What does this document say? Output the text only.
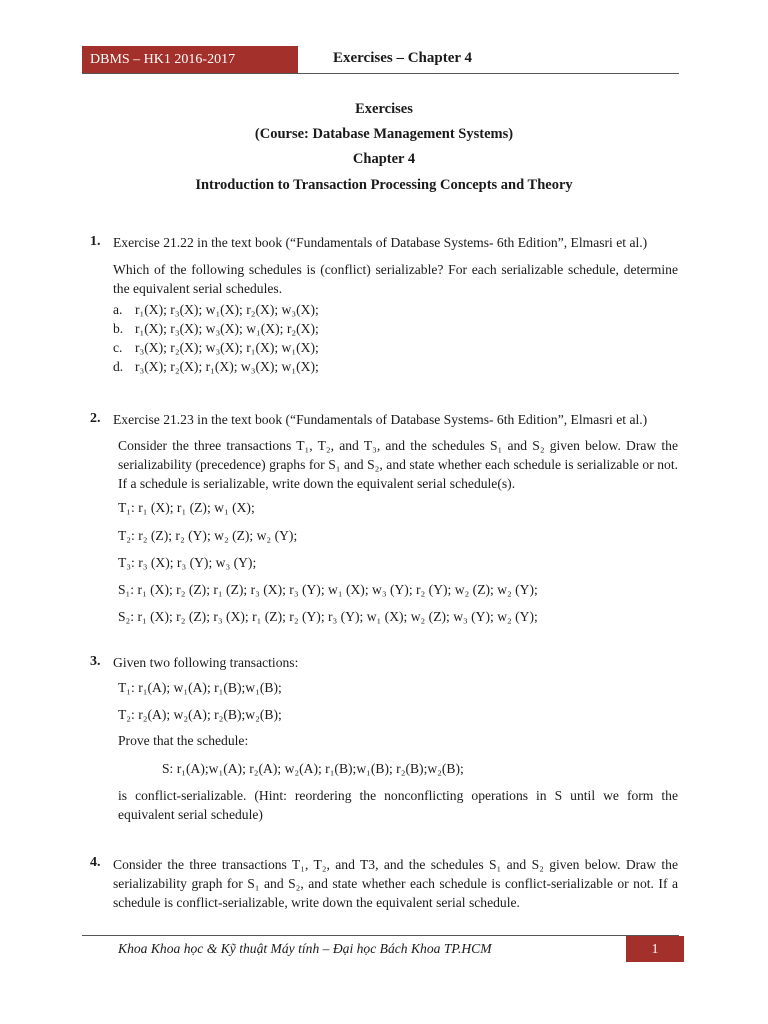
DBMS – HK1 2016-2017	Exercises – Chapter 4
Exercises
(Course: Database Management Systems)
Chapter 4
Introduction to Transaction Processing Concepts and Theory
1. Exercise 21.22 in the text book (“Fundamentals of Database Systems- 6th Edition”, Elmasri et al.)
Which of the following schedules is (conflict) serializable? For each serializable schedule, determine the equivalent serial schedules.
a. r₁(X); r₃(X); w₁(X); r₂(X); w₃(X);
b. r₁(X); r₃(X); w₃(X); w₁(X); r₂(X);
c. r₃(X); r₂(X); w₃(X); r₁(X); w₁(X);
d. r₃(X); r₂(X); r₁(X); w₃(X); w₁(X);
2. Exercise 21.23 in the text book (“Fundamentals of Database Systems- 6th Edition”, Elmasri et al.)
Consider the three transactions T₁, T₂, and T₃, and the schedules S₁ and S₂ given below. Draw the serializability (precedence) graphs for S₁ and S₂, and state whether each schedule is serializable or not. If a schedule is serializable, write down the equivalent serial schedule(s).
T₁: r₁ (X); r₁ (Z); w₁ (X);
T₂: r₂ (Z); r₂ (Y); w₂ (Z); w₂ (Y);
T₃: r₃ (X); r₃ (Y); w₃ (Y);
S₁: r₁ (X); r₂ (Z); r₁ (Z); r₃ (X); r₃ (Y); w₁ (X); w₃ (Y); r₂ (Y); w₂ (Z); w₂ (Y);
S₂: r₁ (X); r₂ (Z); r₃ (X); r₁ (Z); r₂ (Y); r₃ (Y); w₁ (X); w₂ (Z); w₃ (Y); w₂ (Y);
3. Given two following transactions:
T₁: r₁(A); w₁(A); r₁(B);w₁(B);
T₂: r₂(A); w₂(A); r₂(B);w₂(B);
Prove that the schedule:
S: r₁(A);w₁(A); r₂(A); w₂(A); r₁(B);w₁(B); r₂(B);w₂(B);
is conflict-serializable. (Hint: reordering the nonconflicting operations in S until we form the equivalent serial schedule)
4. Consider the three transactions T₁, T₂, and T3, and the schedules S₁ and S₂ given below. Draw the serializability graph for S₁ and S₂, and state whether each schedule is conflict-serializable or not. If a schedule is conflict-serializable, write down the equivalent serial schedule.
Khoa Khoa học & Kỹ thuật Máy tính – Đại học Bách Khoa TP.HCM	1
